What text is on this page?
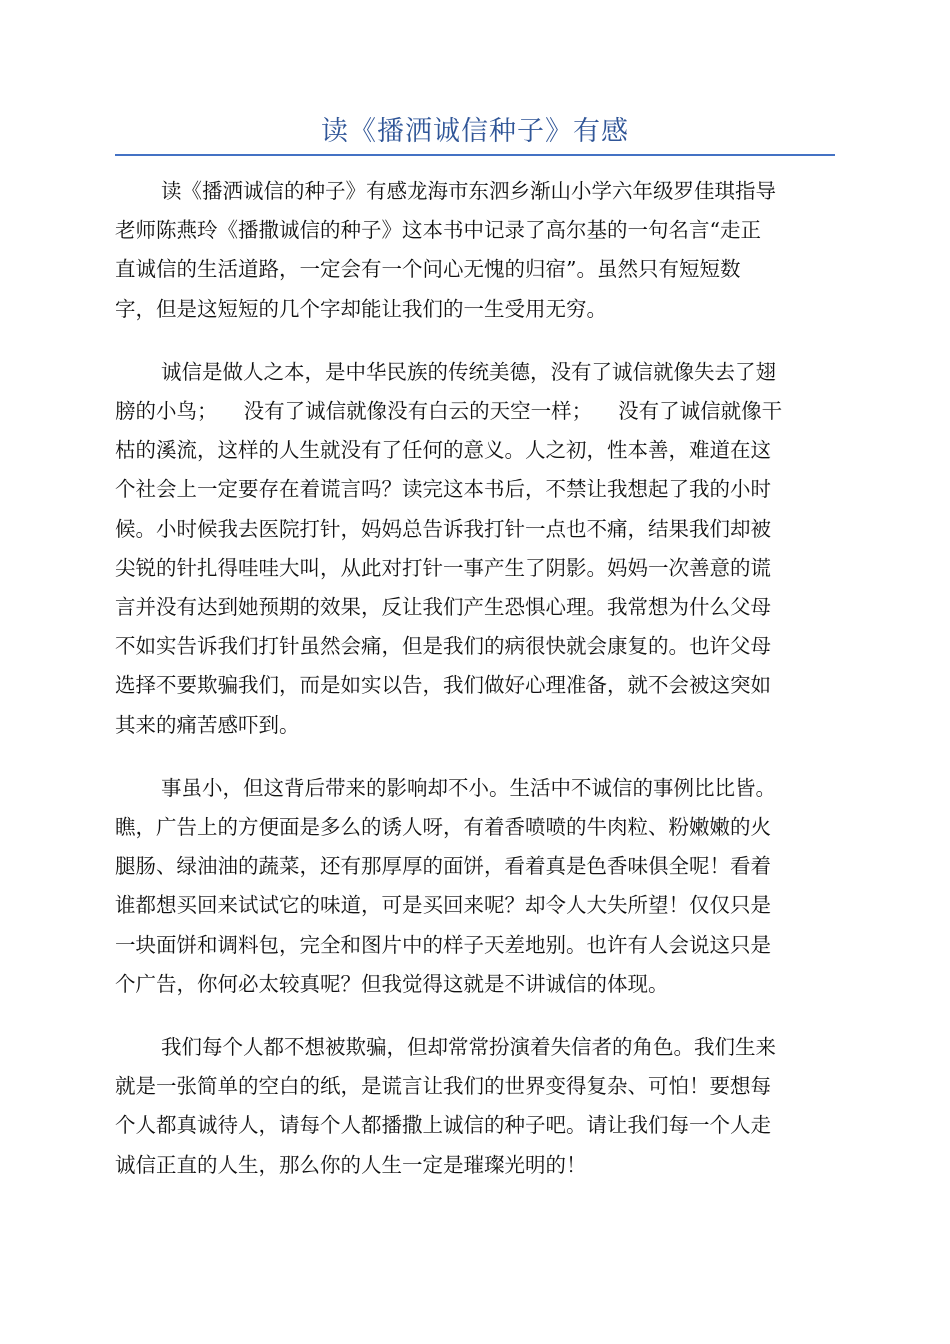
读《播洒诚信种子》有感
读《播洒诚信的种子》有感龙海市东泗乡渐山小学六年级罗佳琪指导
老师陈燕玲《播撒诚信的种子》这本书中记录了高尔基的一句名言“走正
直诚信的生活道路，一定会有一个问心无愧的归宿”。虽然只有短短数
字，但是这短短的几个字却能让我们的一生受用无穷。
诚信是做人之本，是中华民族的传统美德，没有了诚信就像失去了翅
膀的小鸟；    没有了诚信就像没有白云的天空一样；    没有了诚信就像干
枯的溪流，这样的人生就没有了任何的意义。人之初，性本善，难道在这
个社会上一定要存在着谎言吗？读完这本书后，不禁让我想起了我的小时
候。小时候我去医院打针，妈妈总告诉我打针一点也不痛，结果我们却被
尖锐的针扎得哇哇大叫，从此对打针一事产生了阴影。妈妈一次善意的谎
言并没有达到她预期的效果，反让我们产生恐惧心理。我常想为什么父母
不如实告诉我们打针虽然会痛，但是我们的病很快就会康复的。也许父母
选择不要欺骗我们，而是如实以告，我们做好心理准备，就不会被这突如
其来的痛苦感吓到。
事虽小，但这背后带来的影响却不小。生活中不诚信的事例比比皆。
瞧，广告上的方便面是多么的诱人呀，有着香喷喷的牛肉粒、粉嫩嫩的火
腿肠、绿油油的蔬菜，还有那厚厚的面饼，看着真是色香味俱全呢！看着
谁都想买回来试试它的味道，可是买回来呢？却令人大失所望！仅仅只是
一块面饼和调料包，完全和图片中的样子天差地别。也许有人会说这只是
个广告，你何必太较真呢？但我觉得这就是不讲诚信的体现。
我们每个人都不想被欺骗，但却常常扮演着失信者的角色。我们生来
就是一张简单的空白的纸，是谎言让我们的世界变得复杂、可怕！要想每
个人都真诚待人，请每个人都播撒上诚信的种子吧。请让我们每一个人走
诚信正直的人生，那么你的人生一定是璀璨光明的！
